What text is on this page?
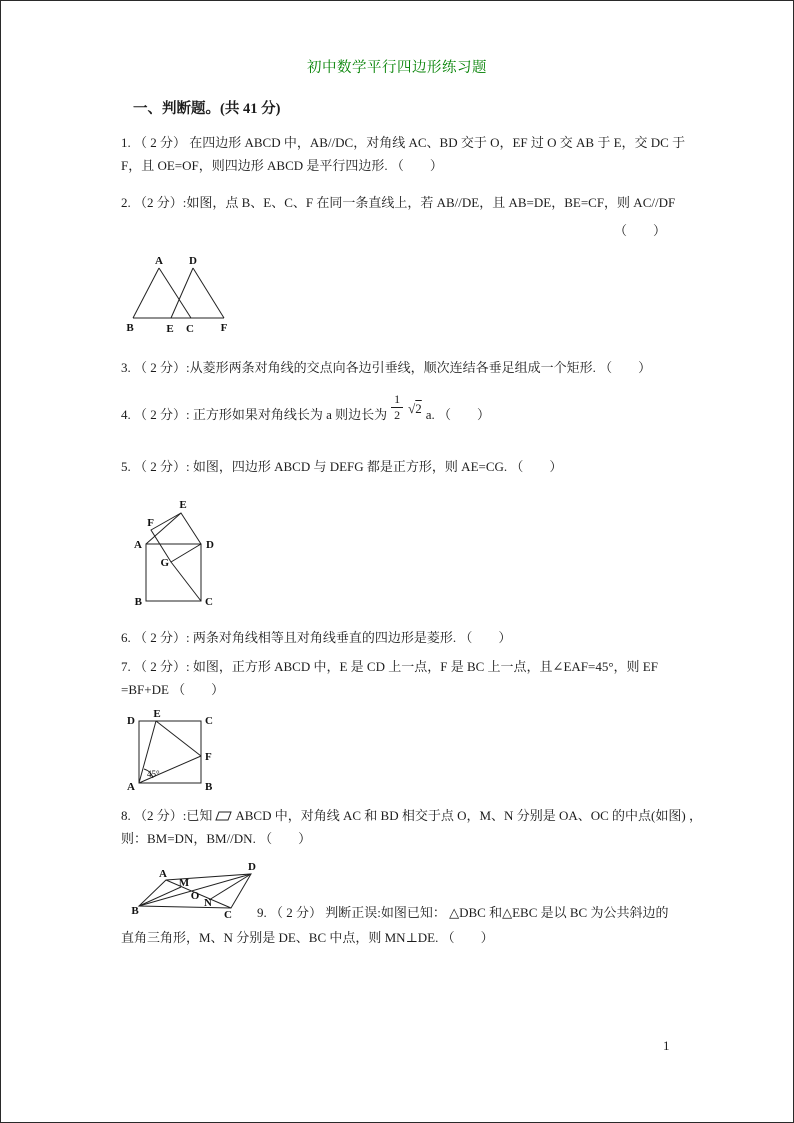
初中数学平行四边形练习题
一、判断题。(共 41 分)
1. （ 2 分） 在四边形 ABCD 中，AB//DC，对角线 AC、BD 交于 O，EF 过 O 交 AB 于 E，交 DC 于
F，且 OE=OF，则四边形 ABCD 是平行四边形. （　　）
2. （2 分）:如图，点 B、E、C、F 在同一条直线上，若 AB//DE，且 AB=DE，BE=CF，则 AC//DF
（　　）
A D
B	E C F
3. （ 2 分）:从菱形两条对角线的交点向各边引垂线，顺次连结各垂足组成一个矩形. （　　）
4. （ 2 分）: 正方形如果对角线长为 a 则边长为 $\frac{1}{2} √2$ a. （　　）
5. （ 2 分）: 如图，四边形 ABCD 与 DEFG 都是正方形，则 AE=CG. （　　）
A	D
B	C
E
F
G
6. （ 2 分）: 两条对角线相等且对角线垂直的四边形是菱形. （　　）
7. （ 2 分）: 如图，正方形 ABCD 中，E 是 CD 上一点，F 是 BC 上一点，且∠EAF=45°，则 EF
=BF+DE （　　）
D	C
A	B
E
F
45°
8. （2 分）:已知 ABCD 中，对角线 AC 和 BD 相交于点 O，M、N 分别是 OA、OC 的中点(如图) ，
则：BM=DN，BM//DN. （　　）
A
D
B	C
M
O
N
9. （ 2 分） 判断正误:如图已知： △DBC 和△EBC 是以 BC 为公共斜边的
直角三角形，M、N 分别是 DE、BC 中点，则 MN⊥DE. （　　）
1
